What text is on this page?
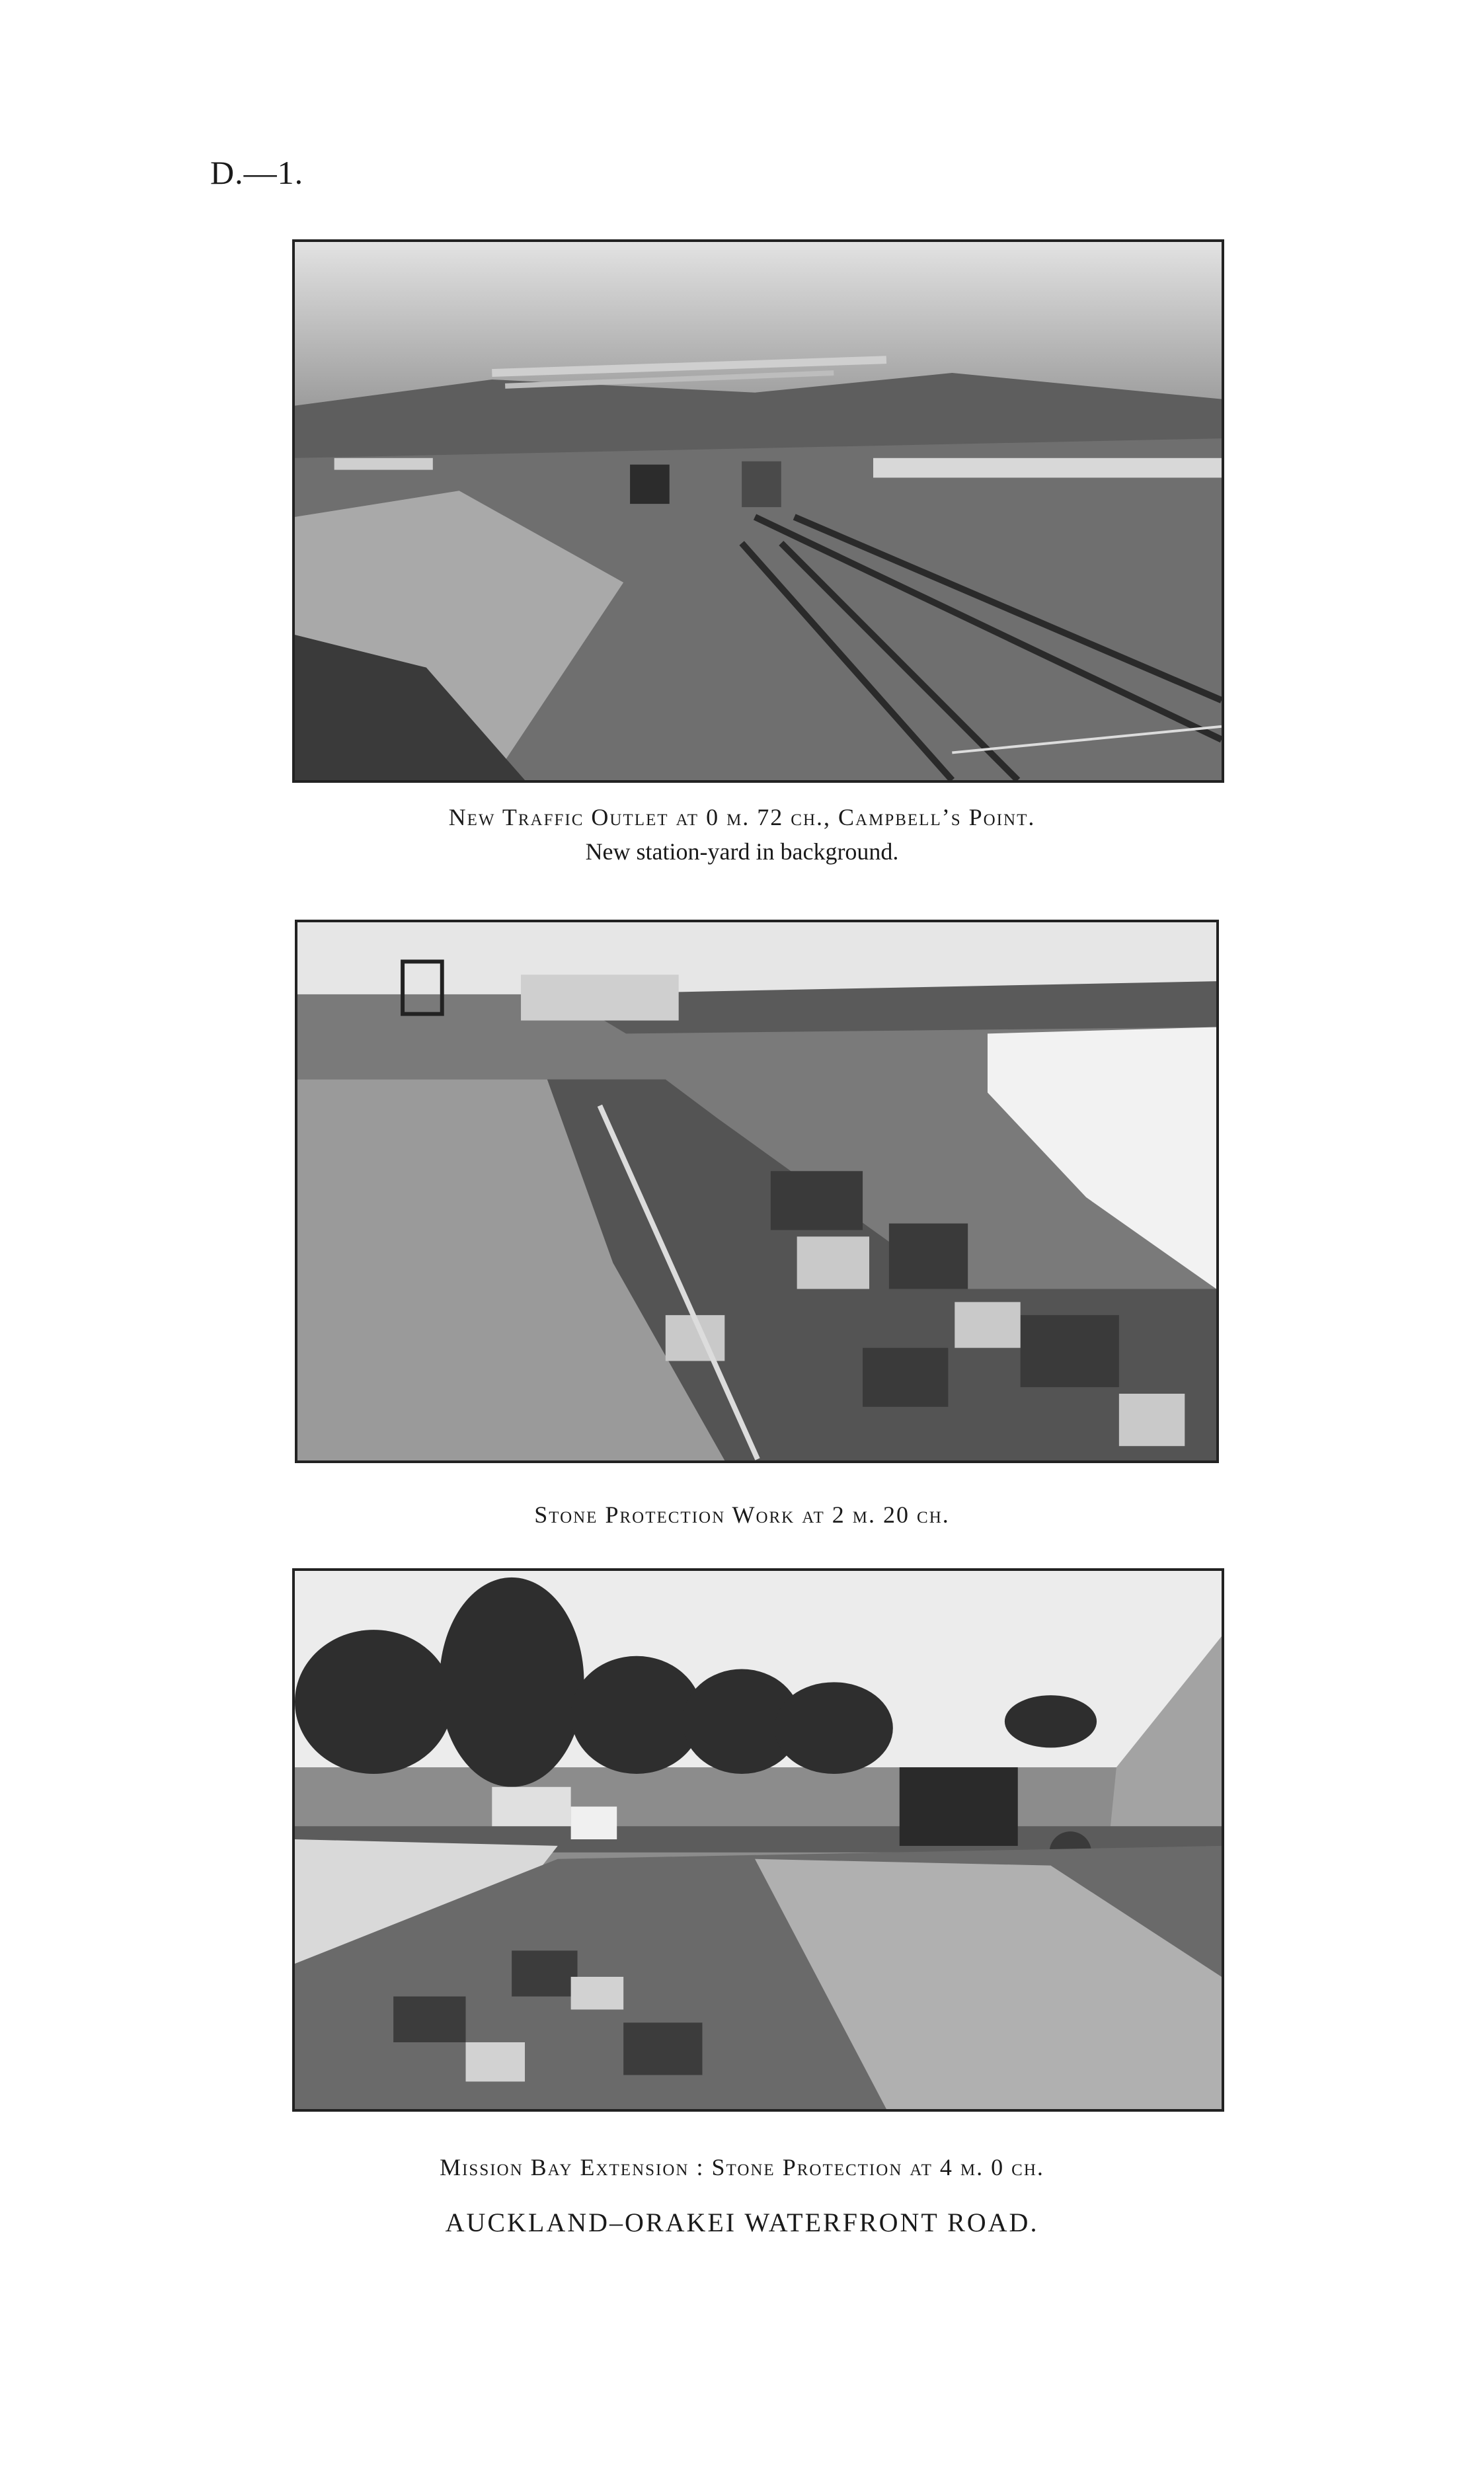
D.—1.
New Traffic Outlet at 0 m. 72 ch., Campbell’s Point.
New station-yard in background.
Stone Protection Work at 2 m. 20 ch.
Mission Bay Extension : Stone Protection at 4 m. 0 ch.
AUCKLAND–ORAKEI WATERFRONT ROAD.
